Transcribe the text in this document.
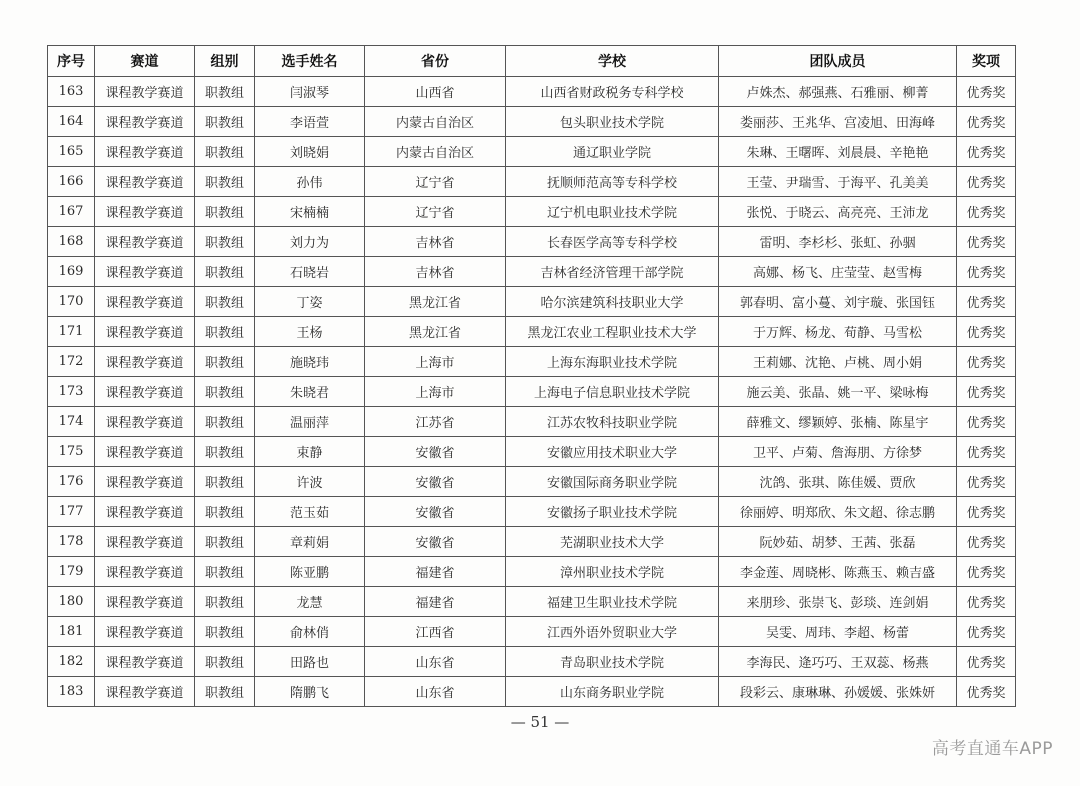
序号	赛道	组别	选手姓名	省份	学校	团队成员	奖项
163	课程教学赛道	职教组	闫淑琴	山西省	山西省财政税务专科学校	卢姝杰、郝强燕、石雅丽、柳菁	优秀奖
164	课程教学赛道	职教组	李语萱	内蒙古自治区	包头职业技术学院	娄丽莎、王兆华、宫凌旭、田海峰	优秀奖
165	课程教学赛道	职教组	刘晓娟	内蒙古自治区	通辽职业学院	朱琳、王曙晖、刘晨晨、辛艳艳	优秀奖
166	课程教学赛道	职教组	孙伟	辽宁省	抚顺师范高等专科学校	王莹、尹瑞雪、于海平、孔美美	优秀奖
167	课程教学赛道	职教组	宋楠楠	辽宁省	辽宁机电职业技术学院	张悦、于晓云、高亮亮、王沛龙	优秀奖
168	课程教学赛道	职教组	刘力为	吉林省	长春医学高等专科学校	雷明、李杉杉、张虹、孙骃	优秀奖
169	课程教学赛道	职教组	石晓岩	吉林省	吉林省经济管理干部学院	高娜、杨飞、庄莹莹、赵雪梅	优秀奖
170	课程教学赛道	职教组	丁姿	黑龙江省	哈尔滨建筑科技职业大学	郭春明、富小蔓、刘宇璇、张国钰	优秀奖
171	课程教学赛道	职教组	王杨	黑龙江省	黑龙江农业工程职业技术大学	于万辉、杨龙、荀静、马雪松	优秀奖
172	课程教学赛道	职教组	施晓玮	上海市	上海东海职业技术学院	王莉娜、沈艳、卢桃、周小娟	优秀奖
173	课程教学赛道	职教组	朱晓君	上海市	上海电子信息职业技术学院	施云美、张晶、姚一平、梁咏梅	优秀奖
174	课程教学赛道	职教组	温丽萍	江苏省	江苏农牧科技职业学院	薛雅文、缪颖婷、张楠、陈星宇	优秀奖
175	课程教学赛道	职教组	束静	安徽省	安徽应用技术职业大学	卫平、卢菊、詹海朋、方徐梦	优秀奖
176	课程教学赛道	职教组	许波	安徽省	安徽国际商务职业学院	沈鸽、张琪、陈佳媛、贾欣	优秀奖
177	课程教学赛道	职教组	范玉茹	安徽省	安徽扬子职业技术学院	徐丽婷、明郑欣、朱文超、徐志鹏	优秀奖
178	课程教学赛道	职教组	章莉娟	安徽省	芜湖职业技术大学	阮妙茹、胡梦、王茜、张磊	优秀奖
179	课程教学赛道	职教组	陈亚鹏	福建省	漳州职业技术学院	李金莲、周晓彬、陈燕玉、赖吉盛	优秀奖
180	课程教学赛道	职教组	龙慧	福建省	福建卫生职业技术学院	来朋珍、张崇飞、彭琰、连剑娟	优秀奖
181	课程教学赛道	职教组	俞林俏	江西省	江西外语外贸职业大学	吴雯、周玮、李超、杨蕾	优秀奖
182	课程教学赛道	职教组	田路也	山东省	青岛职业技术学院	李海民、逄巧巧、王双蕊、杨燕	优秀奖
183	课程教学赛道	职教组	隋鹏飞	山东省	山东商务职业学院	段彩云、康琳琳、孙媛媛、张姝妍	优秀奖
— 51 —
高考直通车APP
